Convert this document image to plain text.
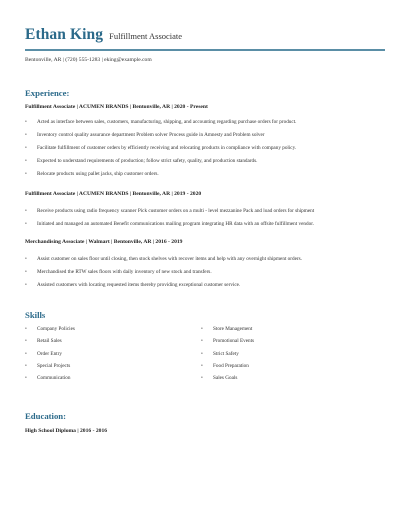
Ethan King Fulfillment Associate
Bentonville, AR | (720) 555-1283 | eking@example.com
Experience:
Fulfillment Associate | ACUMEN BRANDS | Bentonville, AR | 2020 - Present
• Acted as interface between sales, customers, manufacturing, shipping, and accounting regarding purchase orders for product.
• Inventory control quality assurance department Problem solver Process guide in Amnesty and Problem solver
• Facilitate fulfillment of customer orders by efficiently receiving and relocating products in compliance with company policy.
• Expected to understand requirements of production; follow strict safety, quality, and production standards.
• Relocate products using pallet jacks, ship customer orders.
Fulfillment Associate | ACUMEN BRANDS | Bentonville, AR | 2019 - 2020
• Receive products using radio frequency scanner Pick customer orders on a multi - level mezzanine Pack and load orders for shipment
• Initiated and managed an automated Benefit communications mailing program integrating HR data with an offsite fulfillment vendor.
Merchandising Associate | Walmart | Bentonville, AR | 2016 - 2019
• Assist customer on sales floor until closing, then stock shelves with recover items and help with any overnight shipment orders.
• Merchandised the RTW sales floors with daily inventory of new stock and transfers.
• Assisted customers with locating requested items thereby providing exceptional customer service.
Skills
• Company Policies
• Retail Sales
• Order Entry
• Special Projects
• Communication
• Store Management
• Promotional Events
• Strict Safety
• Food Preparation
• Sales Goals
Education:
High School Diploma | 2016 - 2016
